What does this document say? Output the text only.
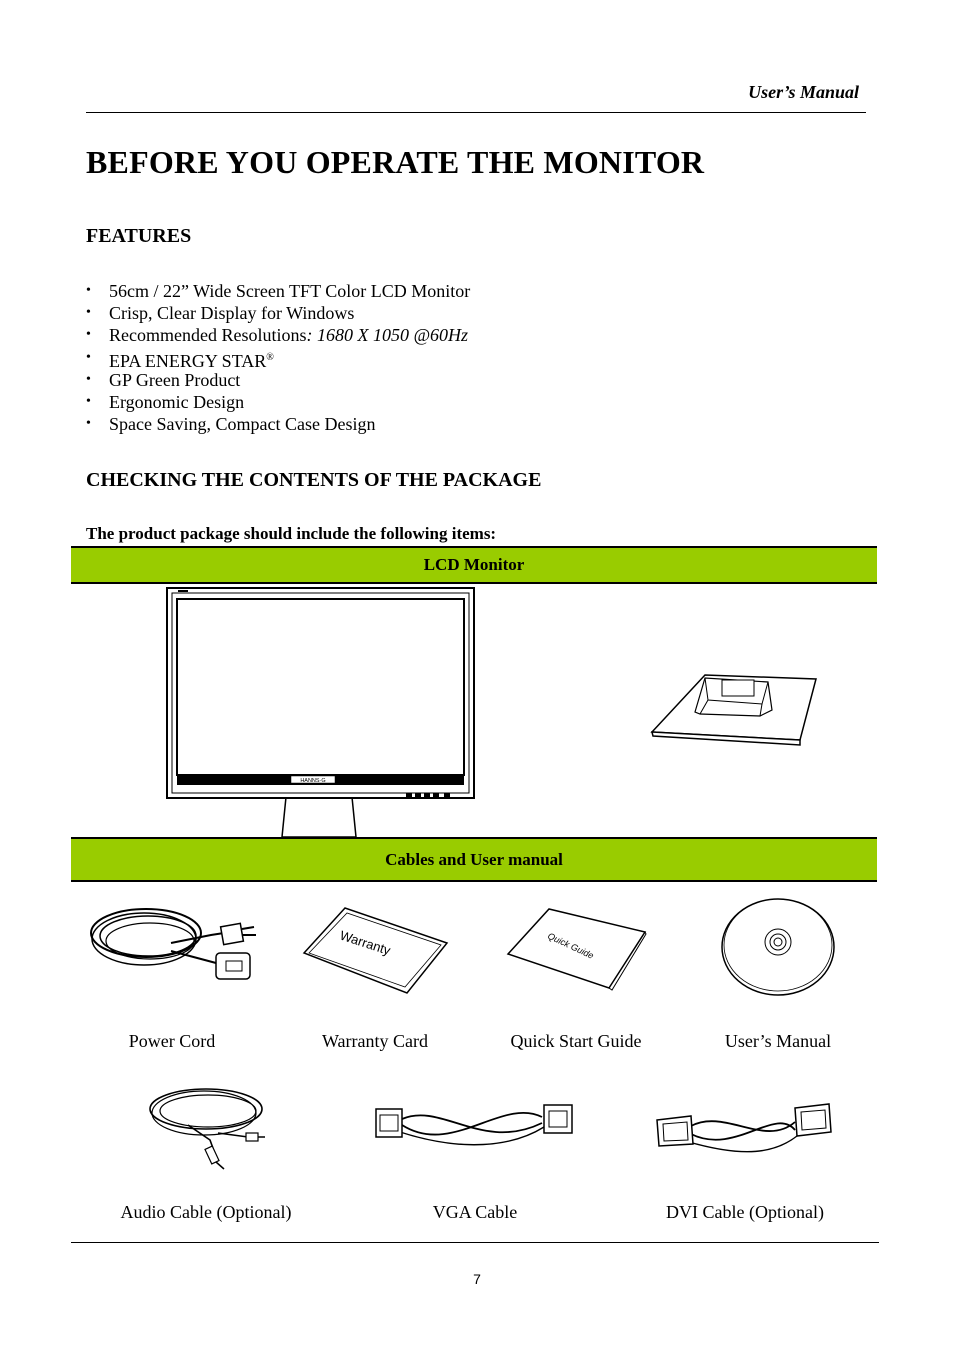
User’s Manual
BEFORE YOU OPERATE THE MONITOR
FEATURES
• 56cm / 22” Wide Screen TFT Color LCD Monitor
• Crisp, Clear Display for Windows
• Recommended Resolutions: 1680 X 1050 @60Hz
• EPA ENERGY STAR®
• GP Green Product
• Ergonomic Design
• Space Saving, Compact Case Design
CHECKING THE CONTENTS OF THE PACKAGE
The product package should include the following items:
LCD Monitor
HANNS·G
Cables and User manual
Warranty	Quick Guide
Power Cord	Warranty Card	Quick Start Guide	User’s Manual
Audio Cable (Optional)	VGA Cable	DVI Cable (Optional)
7
